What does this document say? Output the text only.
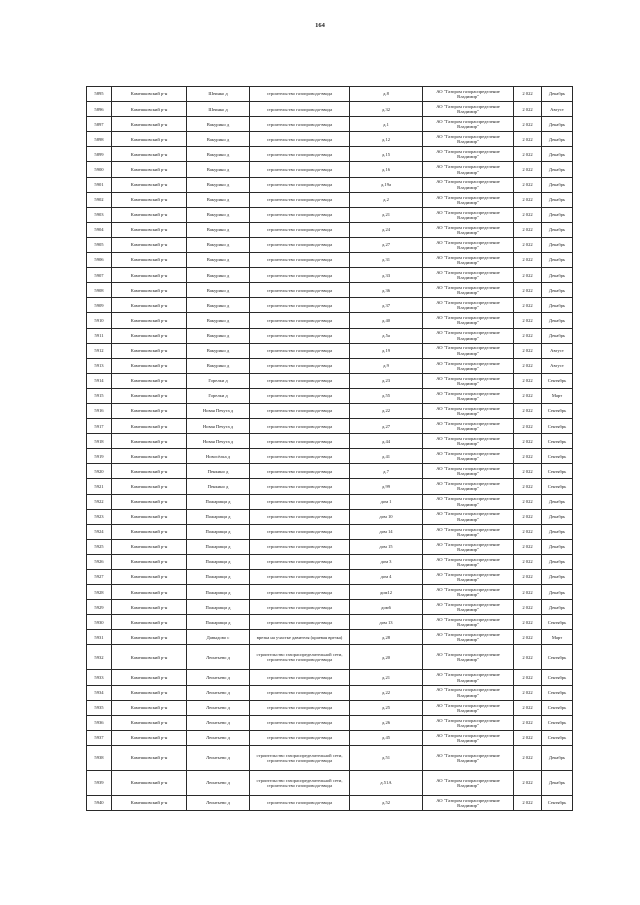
164
5895	Камешковский р-н	Шеинко д	строительство газопровода-ввода	д.8	АО "Газпром газораспределение Владимир"	2 022	Декабрь
5896	Камешковский р-н	Шеинко д	строительство газопровода-ввода	д.32	АО "Газпром газораспределение Владимир"	2 022	Август
5897	Камешковский р-н	Вакурино д	строительство газопровода-ввода	д.1	АО "Газпром газораспределение Владимир"	2 022	Декабрь
5898	Камешковский р-н	Вакурино д	строительство газопровода-ввода	д.12	АО "Газпром газораспределение Владимир"	2 022	Декабрь
5899	Камешковский р-н	Вакурино д	строительство газопровода-ввода	д.15	АО "Газпром газораспределение Владимир"	2 022	Декабрь
5900	Камешковский р-н	Вакурино д	строительство газопровода-ввода	д.16	АО "Газпром газораспределение Владимир"	2 022	Декабрь
5901	Камешковский р-н	Вакурино д	строительство газопровода-ввода	д.19а	АО "Газпром газораспределение Владимир"	2 022	Декабрь
5902	Камешковский р-н	Вакурино д	строительство газопровода-ввода	д.2	АО "Газпром газораспределение Владимир"	2 022	Декабрь
5903	Камешковский р-н	Вакурино д	строительство газопровода-ввода	д.21	АО "Газпром газораспределение Владимир"	2 022	Декабрь
5904	Камешковский р-н	Вакурино д	строительство газопровода-ввода	д.24	АО "Газпром газораспределение Владимир"	2 022	Декабрь
5905	Камешковский р-н	Вакурино д	строительство газопровода-ввода	д.27	АО "Газпром газораспределение Владимир"	2 022	Декабрь
5906	Камешковский р-н	Вакурино д	строительство газопровода-ввода	д.31	АО "Газпром газораспределение Владимир"	2 022	Декабрь
5907	Камешковский р-н	Вакурино д	строительство газопровода-ввода	д.33	АО "Газпром газораспределение Владимир"	2 022	Декабрь
5908	Камешковский р-н	Вакурино д	строительство газопровода-ввода	д.36	АО "Газпром газораспределение Владимир"	2 022	Декабрь
5909	Камешковский р-н	Вакурино д	строительство газопровода-ввода	д.37	АО "Газпром газораспределение Владимир"	2 022	Декабрь
5910	Камешковский р-н	Вакурино д	строительство газопровода-ввода	д.40	АО "Газпром газораспределение Владимир"	2 022	Декабрь
5911	Камешковский р-н	Вакурино д	строительство газопровода-ввода	д.5а	АО "Газпром газораспределение Владимир"	2 022	Декабрь
5912	Камешковский р-н	Вакурино д	строительство газопровода-ввода	д.19	АО "Газпром газораспределение Владимир"	2 022	Август
5913	Камешковский р-н	Вакурино д	строительство газопровода-ввода	д.9	АО "Газпром газораспределение Владимир"	2 022	Август
5914	Камешковский р-н	Горелки д	строительство газопровода-ввода	д.23	АО "Газпром газораспределение Владимир"	2 022	Сентябрь
5915	Камешковский р-н	Горелки д	строительство газопровода-ввода	д.55	АО "Газпром газораспределение Владимир"	2 022	Март
5916	Камешковский р-н	Новая Печуга д	строительство газопровода-ввода	д.22	АО "Газпром газораспределение Владимир"	2 022	Сентябрь
5917	Камешковский р-н	Новая Печуга д	строительство газопровода-ввода	д.27	АО "Газпром газораспределение Владимир"	2 022	Сентябрь
5918	Камешковский р-н	Новая Печуга д	строительство газопровода-ввода	д.44	АО "Газпром газораспределение Владимир"	2 022	Сентябрь
5919	Камешковский р-н	Новосёлка д	строительство газопровода-ввода	д.41	АО "Газпром газораспределение Владимир"	2 022	Сентябрь
5920	Камешковский р-н	Пенкино д	строительство газопровода-ввода	д.7	АО "Газпром газораспределение Владимир"	2 022	Сентябрь
5921	Камешковский р-н	Пенкино д	строительство газопровода-ввода	д.99	АО "Газпром газораспределение Владимир"	2 022	Сентябрь
5922	Камешковский р-н	Пожарищи д	строительство газопровода-ввода	дом 1	АО "Газпром газораспределение Владимир"	2 022	Декабрь
5923	Камешковский р-н	Пожарищи д	строительство газопровода-ввода	дом 10	АО "Газпром газораспределение Владимир"	2 022	Декабрь
5924	Камешковский р-н	Пожарищи д	строительство газопровода-ввода	дом 14	АО "Газпром газораспределение Владимир"	2 022	Декабрь
5925	Камешковский р-н	Пожарищи д	строительство газопровода-ввода	дом 15	АО "Газпром газораспределение Владимир"	2 022	Декабрь
5926	Камешковский р-н	Пожарищи д	строительство газопровода-ввода	дом 3	АО "Газпром газораспределение Владимир"	2 022	Декабрь
5927	Камешковский р-н	Пожарищи д	строительство газопровода-ввода	дом 4	АО "Газпром газораспределение Владимир"	2 022	Декабрь
5928	Камешковский р-н	Пожарищи д	строительство газопровода-ввода	дом12	АО "Газпром газораспределение Владимир"	2 022	Декабрь
5929	Камешковский р-н	Пожарищи д	строительство газопровода-ввода	дом6	АО "Газпром газораспределение Владимир"	2 022	Декабрь
5930	Камешковский р-н	Пожарищи д	строительство газопровода-ввода	дом 13	АО "Газпром газораспределение Владимир"	2 022	Сентябрь
5931	Камешковский р-н	Давыдово с	врезка на участке давителя (краевая врезка)	д.28	АО "Газпром газораспределение Владимир"	2 022	Март
5932	Камешковский р-н	Леонтьево д	строительство газораспределительной сети, строительство газопровода-ввода	д.20	АО "Газпром газораспределение Владимир"	2 022	Сентябрь
5933	Камешковский р-н	Леонтьево д	строительство газопровода-ввода	д.21	АО "Газпром газораспределение Владимир"	2 022	Сентябрь
5934	Камешковский р-н	Леонтьево д	строительство газопровода-ввода	д.22	АО "Газпром газораспределение Владимир"	2 022	Сентябрь
5935	Камешковский р-н	Леонтьево д	строительство газопровода-ввода	д.25	АО "Газпром газораспределение Владимир"	2 022	Сентябрь
5936	Камешковский р-н	Леонтьево д	строительство газопровода-ввода	д.26	АО "Газпром газораспределение Владимир"	2 022	Сентябрь
5937	Камешковский р-н	Леонтьево д	строительство газопровода-ввода	д.45	АО "Газпром газораспределение Владимир"	2 022	Сентябрь
5938	Камешковский р-н	Леонтьево д	строительство газораспределительной сети, строительство газопровода-ввода	д.51	АО "Газпром газораспределение Владимир"	2 022	Декабрь
5939	Камешковский р-н	Леонтьево д	строительство газораспределительной сети, строительство газопровода-ввода	д.51А	АО "Газпром газораспределение Владимир"	2 022	Декабрь
5940	Камешковский р-н	Леонтьево д	строительство газопровода-ввода	д.52	АО "Газпром газораспределение Владимир"	2 022	Сентябрь
